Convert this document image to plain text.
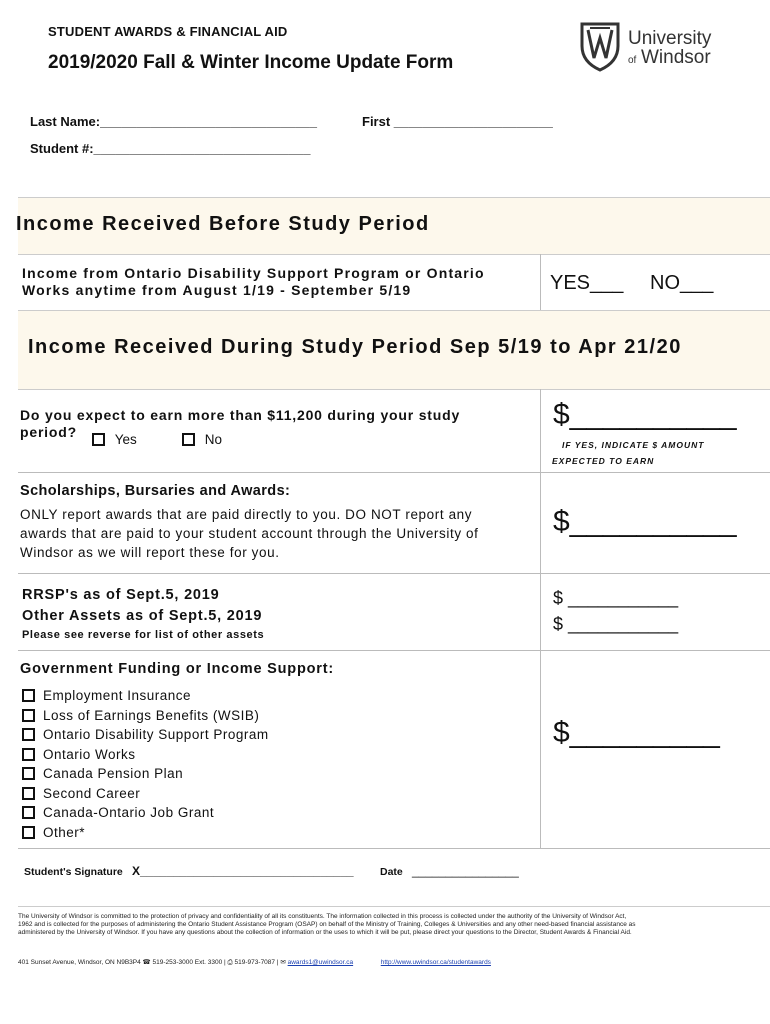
STUDENT AWARDS & FINANCIAL AID
2019/2020 Fall & Winter Income Update Form
University
of Windsor
Last Name:______________________________	First ______________________
Student #:______________________________
Income Received Before Study Period
Income from Ontario Disability Support Program or Ontario
Works anytime from August 1/19 - September 5/19	YES___ NO___
Income Received During Study Period Sep 5/19 to Apr 21/20
Do you expect to earn more than $11,200 during your study
period?	Yes	No
$__________
IF YES, INDICATE $ AMOUNT
EXPECTED TO EARN
Scholarships, Bursaries and Awards:
ONLY report awards that are paid directly to you. DO NOT report any
awards that are paid to your student account through the University of
Windsor as we will report these for you.
$__________
RRSP's as of Sept.5, 2019
Other Assets as of Sept.5, 2019
Please see reverse for list of other assets
$ ___________
$ ___________
Government Funding or Income Support:
Employment Insurance
Loss of Earnings Benefits (WSIB)
Ontario Disability Support Program
Ontario Works
Canada Pension Plan
Second Career
Canada-Ontario Job Grant
Other*
$_________
Student's Signature X________________________________	Date ________________
The University of Windsor is committed to the protection of privacy and confidentiality of all its constituents. The information collected in this process is collected under the authority of the University of Windsor Act,
1962 and is collected for the purposes of administering the Ontario Student Assistance Program (OSAP) on behalf of the Ministry of Training, Colleges & Universities and any other need-based financial assistance as
administered by the University of Windsor. If you have any questions about the collection of information or the uses to which it will be put, please direct your questions to the Director, Student Awards & Financial Aid.
401 Sunset Avenue, Windsor, ON N9B3P4 ☎ 519-253-3000 Ext. 3300 | ⎙ 519-973-7087 | ✉ awards1@uwindsor.ca	http://www.uwindsor.ca/studentawards
